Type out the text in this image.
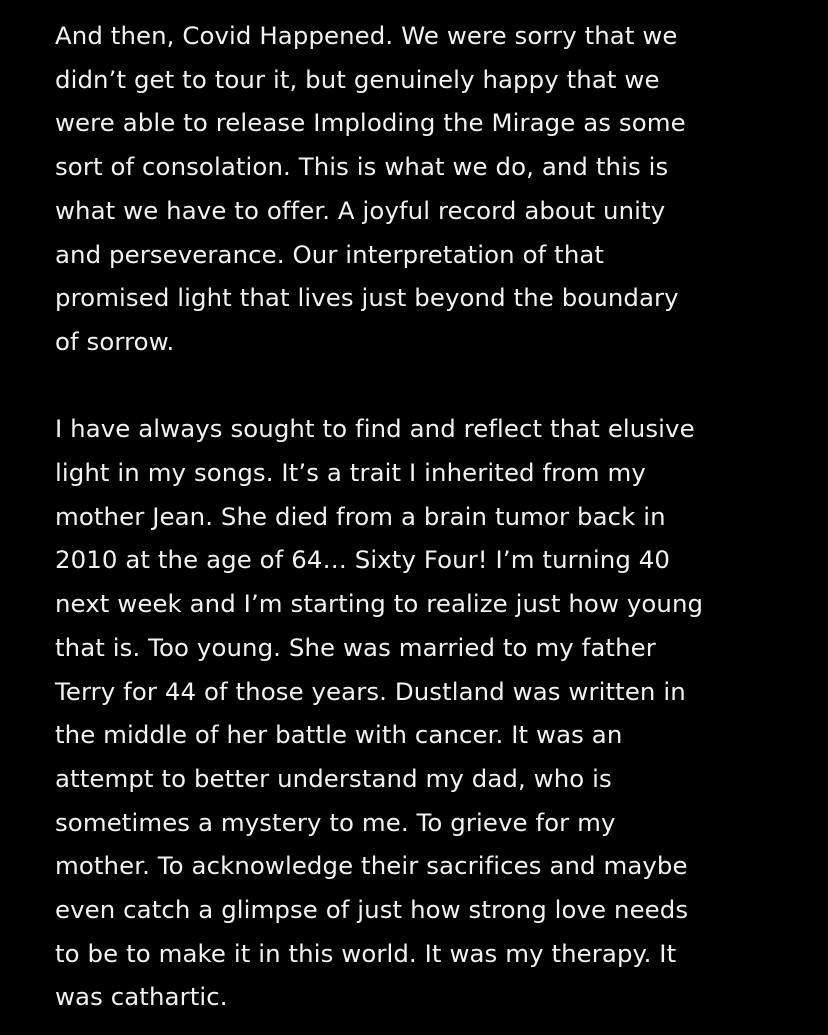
And then, Covid Happened. We were sorry that we
didn’t get to tour it, but genuinely happy that we
were able to release Imploding the Mirage as some
sort of consolation. This is what we do, and this is
what we have to offer. A joyful record about unity
and perseverance. Our interpretation of that
promised light that lives just beyond the boundary
of sorrow.

I have always sought to find and reflect that elusive
light in my songs. It’s a trait I inherited from my
mother Jean. She died from a brain tumor back in
2010 at the age of 64… Sixty Four! I’m turning 40
next week and I’m starting to realize just how young
that is. Too young. She was married to my father
Terry for 44 of those years. Dustland was written in
the middle of her battle with cancer. It was an
attempt to better understand my dad, who is
sometimes a mystery to me. To grieve for my
mother. To acknowledge their sacrifices and maybe
even catch a glimpse of just how strong love needs
to be to make it in this world. It was my therapy. It
was cathartic.
